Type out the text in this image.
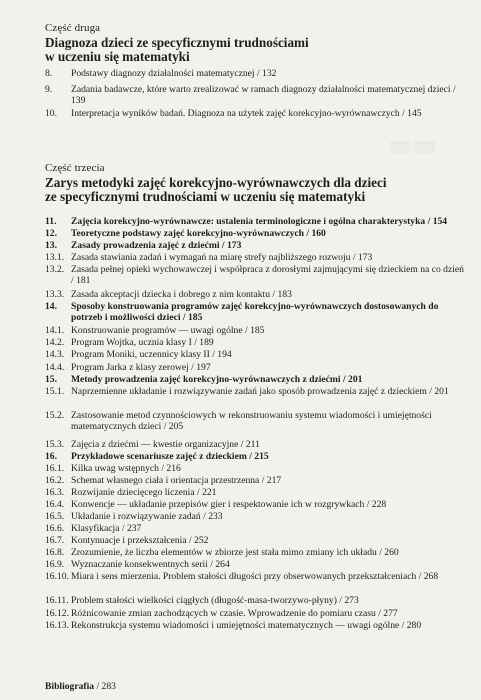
Część druga
Diagnoza dzieci ze specyficznymi trudnościami
w uczeniu się matematyki
8.	Podstawy diagnozy działalności matematycznej / 132
9.	Zadania badawcze, które warto zrealizować w ramach diagnozy działalności matematycznej dzieci / 139
10.	Interpretacja wyników badań. Diagnoza na użytek zajęć korekcyjno-wyrównawczych / 145
▒▒▒ ▒▒▒
Część trzecia
Zarys metodyki zajęć korekcyjno-wyrównawczych dla dzieci
ze specyficznymi trudnościami w uczeniu się matematyki
11.	Zajęcia korekcyjno-wyrównawcze: ustalenia terminologiczne i ogólna charakterystyka / 154
12.	Teoretyczne podstawy zajęć korekcyjno-wyrównawczych / 160
13.	Zasady prowadzenia zajęć z dziećmi / 173
13.1. Zasada stawiania zadań i wymagań na miarę strefy najbliższego rozwoju / 173
13.2. Zasada pełnej opieki wychowawczej i współpraca z dorosłymi zajmującymi się dzieckiem na co dzień / 181
13.3. Zasada akceptacji dziecka i dobrego z nim kontaktu / 183
14.	Sposoby konstruowania programów zajęć korekcyjno-wyrównawczych dostosowanych do potrzeb i możliwości dzieci / 185
14.1. Konstruowanie programów — uwagi ogólne / 185
14.2. Program Wojtka, ucznia klasy I / 189
14.3. Program Moniki, uczennicy klasy II / 194
14.4. Program Jarka z klasy zerowej / 197
15.	Metody prowadzenia zajęć korekcyjno-wyrównawczych z dziećmi / 201
15.1. Naprzemienne układanie i rozwiązywanie zadań jako sposób prowadzenia zajęć z dzieckiem / 201
15.2. Zastosowanie metod czynnościowych w rekonstruowaniu systemu wiadomości i umiejętności matematycznych dzieci / 205
15.3. Zajęcia z dziećmi — kwestie organizacyjne / 211
16.	Przykładowe scenariusze zajęć z dzieckiem / 215
16.1. Kilka uwag wstępnych / 216
16.2. Schemat własnego ciała i orientacja przestrzenna / 217
16.3. Rozwijanie dziecięcego liczenia / 221
16.4. Konwencje — układanie przepisów gier i respektowanie ich w rozgrywkach / 228
16.5. Układanie i rozwiązywanie zadań / 233
16.6. Klasyfikacja / 237
16.7. Kontynuacje i przekształcenia / 252
16.8. Zrozumienie, że liczba elementów w zbiorze jest stała mimo zmiany ich układu / 260
16.9. Wyznaczanie konsekwentnych serii / 264
16.10. Miara i sens mierzenia. Problem stałości długości przy obserwowanych przekształceniach / 268
16.11. Problem stałości wielkości ciągłych (długość-masa-tworzywo-płyny) / 273
16.12. Różnicowanie zmian zachodzących w czasie. Wprowadzenie do pomiaru czasu / 277
16.13. Rekonstrukcja systemu wiadomości i umiejętności matematycznych — uwagi ogólne / 280
Bibliografia / 283
